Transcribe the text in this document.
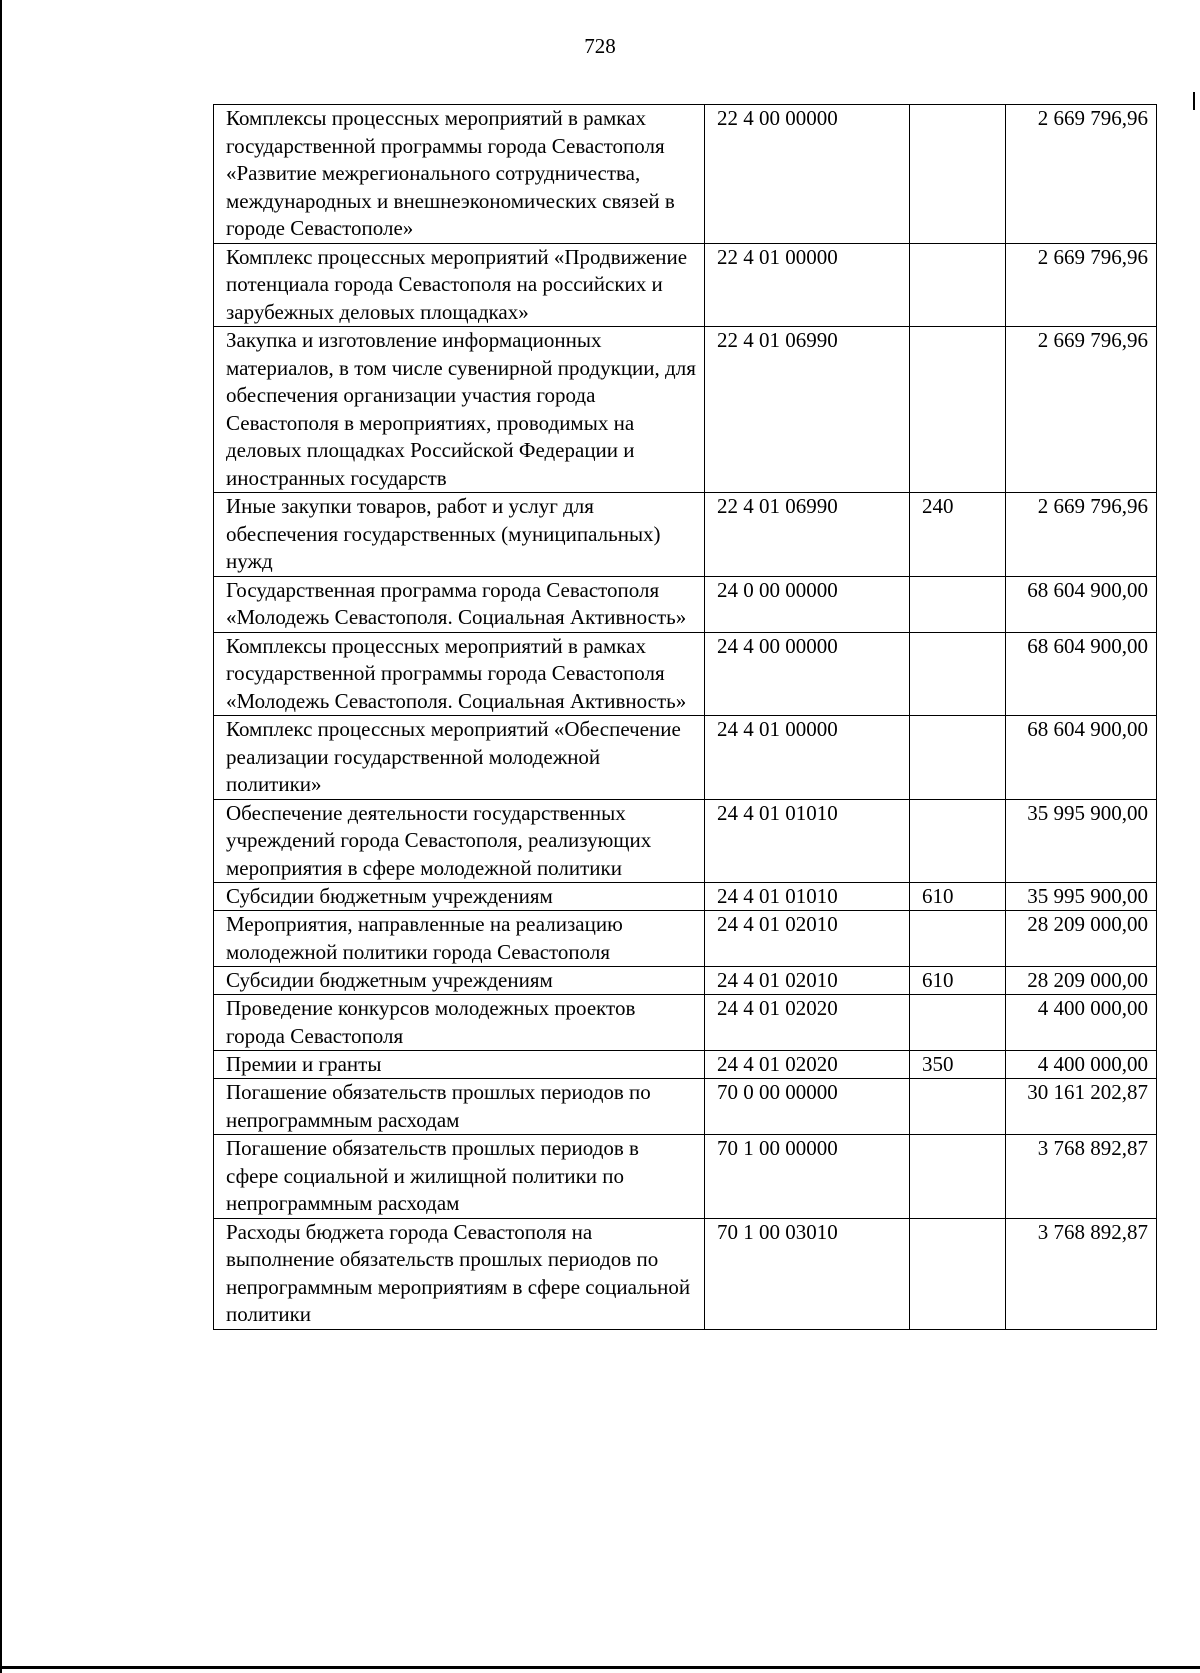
728
Комплексы процессных мероприятий в рамках государственной программы города Севастополя «Развитие межрегионального сотрудничества, международных и внешнеэкономических связей в городе Севастополе»	22 4 00 00000		2 669 796,96
Комплекс процессных мероприятий «Продвижение потенциала города Севастополя на российских и зарубежных деловых площадках»	22 4 01 00000		2 669 796,96
Закупка и изготовление информационных материалов, в том числе сувенирной продукции, для обеспечения организации участия города Севастополя в мероприятиях, проводимых на деловых площадках Российской Федерации и иностранных государств	22 4 01 06990		2 669 796,96
Иные закупки товаров, работ и услуг для обеспечения государственных (муниципальных) нужд	22 4 01 06990	240	2 669 796,96
Государственная программа города Севастополя «Молодежь Севастополя. Социальная Активность»	24 0 00 00000		68 604 900,00
Комплексы процессных мероприятий в рамках государственной программы города Севастополя «Молодежь Севастополя. Социальная Активность»	24 4 00 00000		68 604 900,00
Комплекс процессных мероприятий «Обеспечение реализации государственной молодежной политики»	24 4 01 00000		68 604 900,00
Обеспечение деятельности государственных учреждений города Севастополя, реализующих мероприятия в сфере молодежной политики	24 4 01 01010		35 995 900,00
Субсидии бюджетным учреждениям	24 4 01 01010	610	35 995 900,00
Мероприятия, направленные на реализацию молодежной политики города Севастополя	24 4 01 02010		28 209 000,00
Субсидии бюджетным учреждениям	24 4 01 02010	610	28 209 000,00
Проведение конкурсов молодежных проектов города Севастополя	24 4 01 02020		4 400 000,00
Премии и гранты	24 4 01 02020	350	4 400 000,00
Погашение обязательств прошлых периодов по непрограммным расходам	70 0 00 00000		30 161 202,87
Погашение обязательств прошлых периодов в сфере социальной и жилищной политики по непрограммным расходам	70 1 00 00000		3 768 892,87
Расходы бюджета города Севастополя на выполнение обязательств прошлых периодов по непрограммным мероприятиям в сфере социальной политики	70 1 00 03010		3 768 892,87
